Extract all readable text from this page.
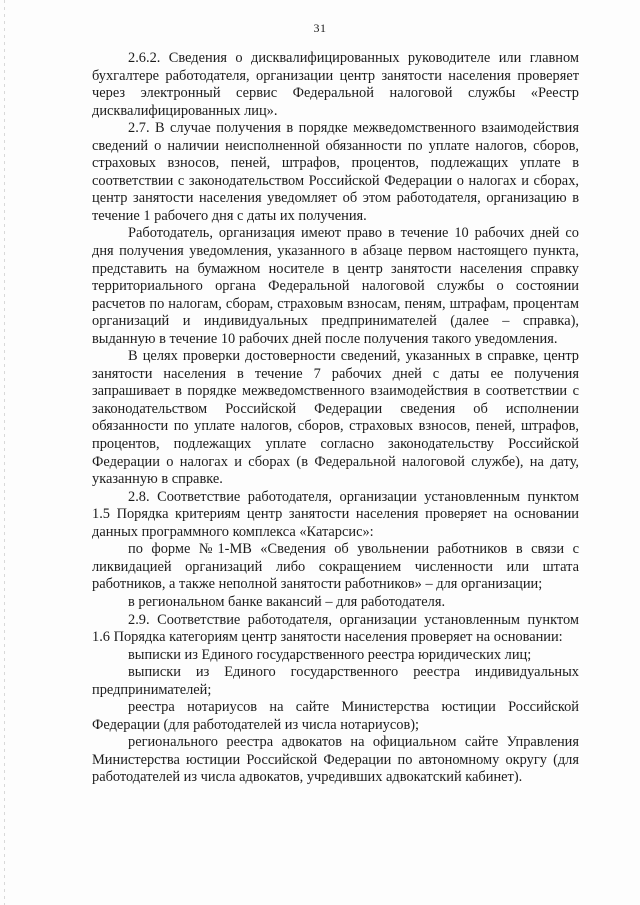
31

2.6.2. Сведения о дисквалифицированных руководителе или главном бухгалтере работодателя, организации центр занятости населения проверяет через электронный сервис Федеральной налоговой службы «Реестр дисквалифицированных лиц».

2.7. В случае получения в порядке межведомственного взаимодействия сведений о наличии неисполненной обязанности по уплате налогов, сборов, страховых взносов, пеней, штрафов, процентов, подлежащих уплате в соответствии с законодательством Российской Федерации о налогах и сборах, центр занятости населения уведомляет об этом работодателя, организацию в течение 1 рабочего дня с даты их получения.

Работодатель, организация имеют право в течение 10 рабочих дней со дня получения уведомления, указанного в абзаце первом настоящего пункта, представить на бумажном носителе в центр занятости населения справку территориального органа Федеральной налоговой службы о состоянии расчетов по налогам, сборам, страховым взносам, пеням, штрафам, процентам организаций и индивидуальных предпринимателей (далее – справка), выданную в течение 10 рабочих дней после получения такого уведомления.

В целях проверки достоверности сведений, указанных в справке, центр занятости населения в течение 7 рабочих дней с даты ее получения запрашивает в порядке межведомственного взаимодействия в соответствии с законодательством Российской Федерации сведения об исполнении обязанности по уплате налогов, сборов, страховых взносов, пеней, штрафов, процентов, подлежащих уплате согласно законодательству Российской Федерации о налогах и сборах (в Федеральной налоговой службе), на дату, указанную в справке.

2.8. Соответствие работодателя, организации установленным пунктом 1.5 Порядка критериям центр занятости населения проверяет на основании данных программного комплекса «Катарсис»:

по форме №1-МВ «Сведения об увольнении работников в связи с ликвидацией организаций либо сокращением численности или штата работников, а также неполной занятости работников» – для организации;

в региональном банке вакансий – для работодателя.

2.9. Соответствие работодателя, организации установленным пунктом 1.6 Порядка категориям центр занятости населения проверяет на основании:

выписки из Единого государственного реестра юридических лиц;

выписки из Единого государственного реестра индивидуальных предпринимателей;

реестра нотариусов на сайте Министерства юстиции Российской Федерации (для работодателей из числа нотариусов);

регионального реестра адвокатов на официальном сайте Управления Министерства юстиции Российской Федерации по автономному округу (для работодателей из числа адвокатов, учредивших адвокатский кабинет).
